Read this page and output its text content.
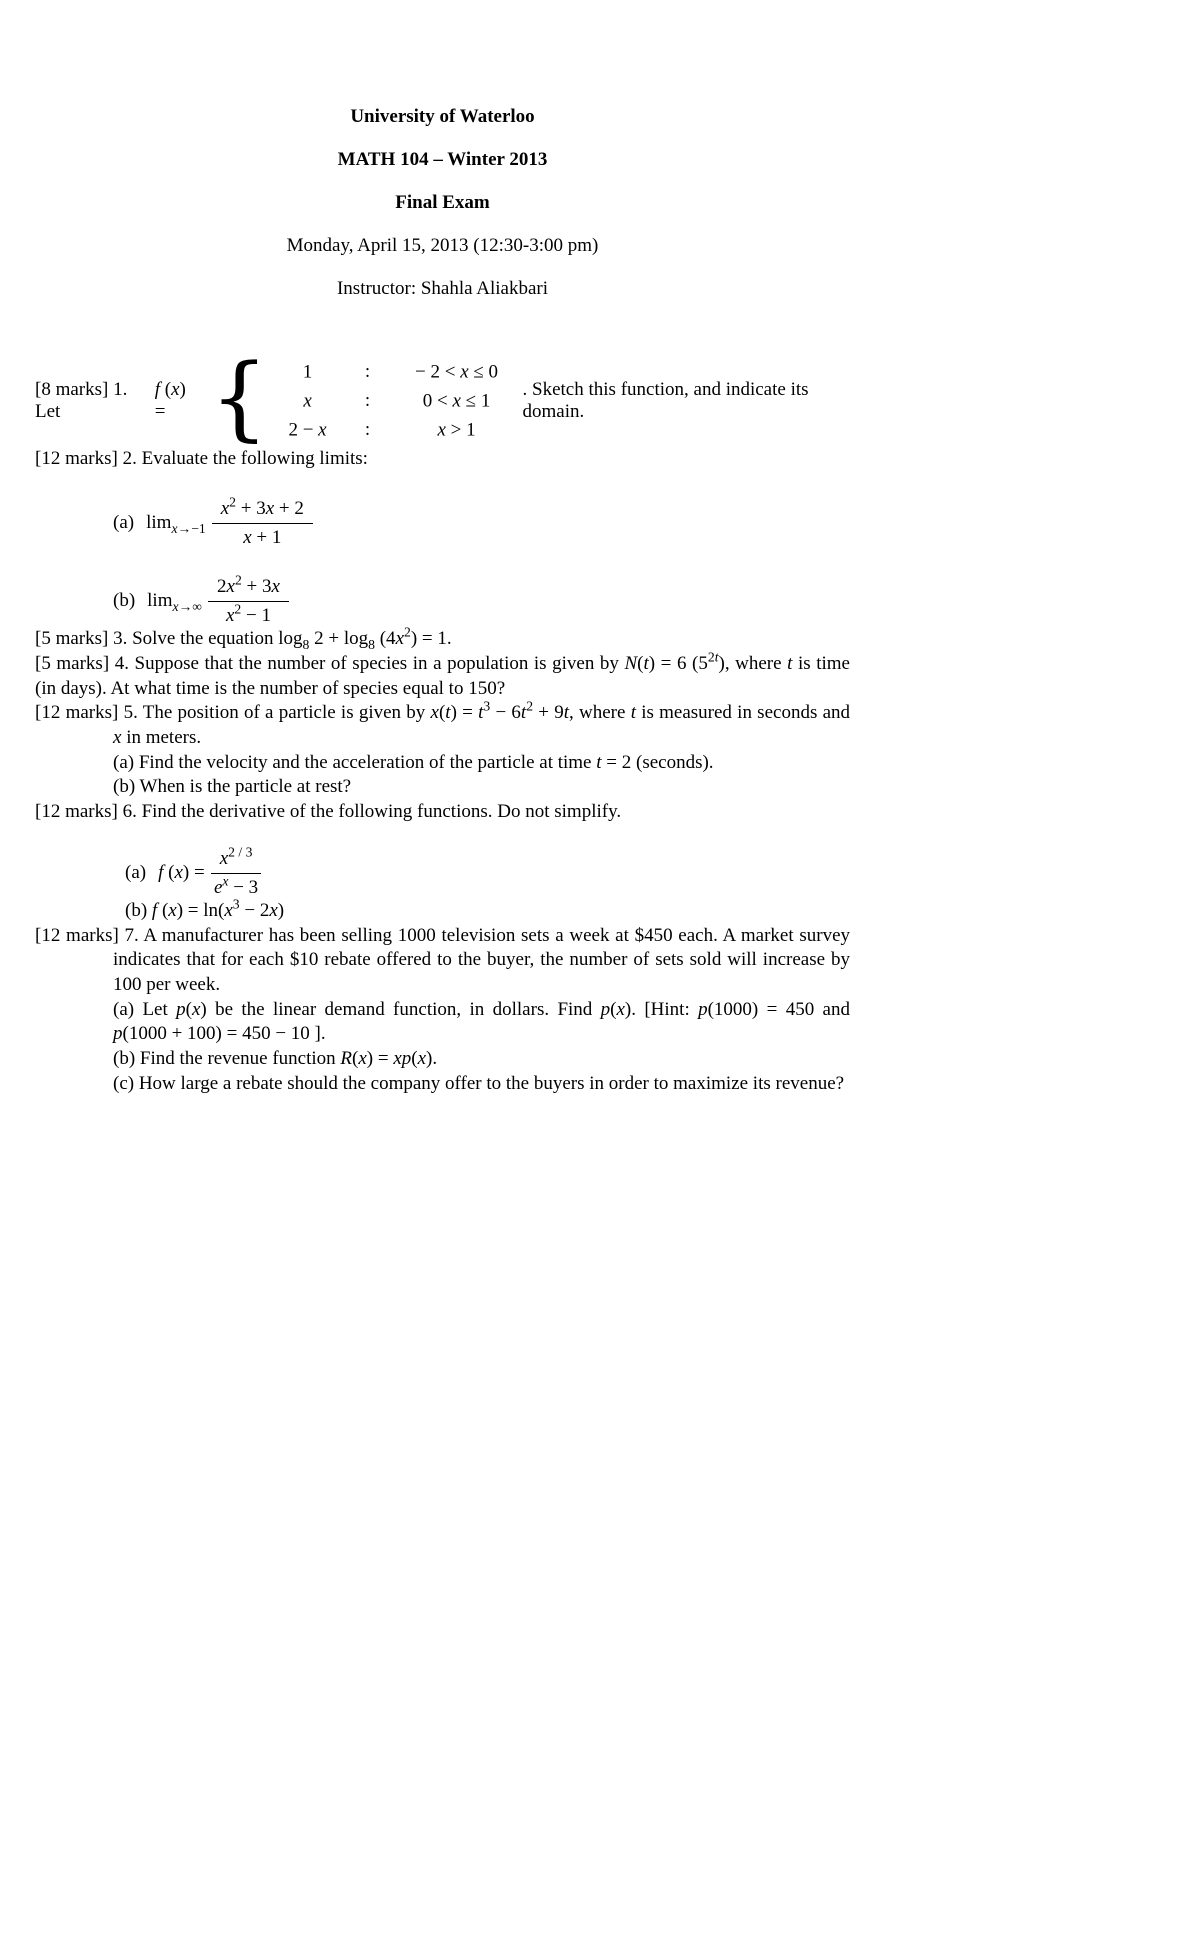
University of Waterloo

MATH 104 – Winter 2013

Final Exam

Monday, April 15, 2013 (12:30-3:00 pm)

Instructor: Shahla Aliakbari

[8 marks] 1. Let
f (x) = {	1	:	− 2 < x ≤ 0
x	:	0 < x ≤ 1
2 − x	:	x > 1
. Sketch this function, and indicate its domain.

[12 marks] 2. Evaluate the following limits:

(a) $\lim_{x\to-1} \frac{x^2 + 3x + 2}{x + 1}$
(b) $\lim_{x\to\infty} \frac{2x^2 + 3x}{x^2 - 1}$

[5 marks] 3. Solve the equation $\log_8 2 + \log_8 (4x^2) = 1$.

[5 marks] 4. Suppose that the number of species in a population is given by N(t) = 6 $(5^{2t})$, where t is time (in days). At what time is the number of species equal to 150?

[12 marks] 5. The position of a particle is given by $x(t) = t^3 - 6t^2 + 9t$, where t is measured in seconds and x in meters.

(a) Find the velocity and the acceleration of the particle at time t = 2 (seconds).

(b) When is the particle at rest?

[12 marks] 6. Find the derivative of the following functions. Do not simplify.

(a) f $(x) = \frac{x^{2 / 3}}{e^x - 3}$

(b) f $(x) = \ln(x^3 - 2x)$

[12 marks] 7. A manufacturer has been selling 1000 television sets a week at $450 each. A market survey indicates that for each $10 rebate offered to the buyer, the number of sets sold will increase by 100 per week.

(a) Let p(x) be the linear demand function, in dollars. Find p(x). [Hint: p(1000) = 450 and p(1000 + 100) = 450 − 10 ].

(b) Find the revenue function R(x) = xp(x).

(c) How large a rebate should the company offer to the buyers in order to maximize its revenue?
